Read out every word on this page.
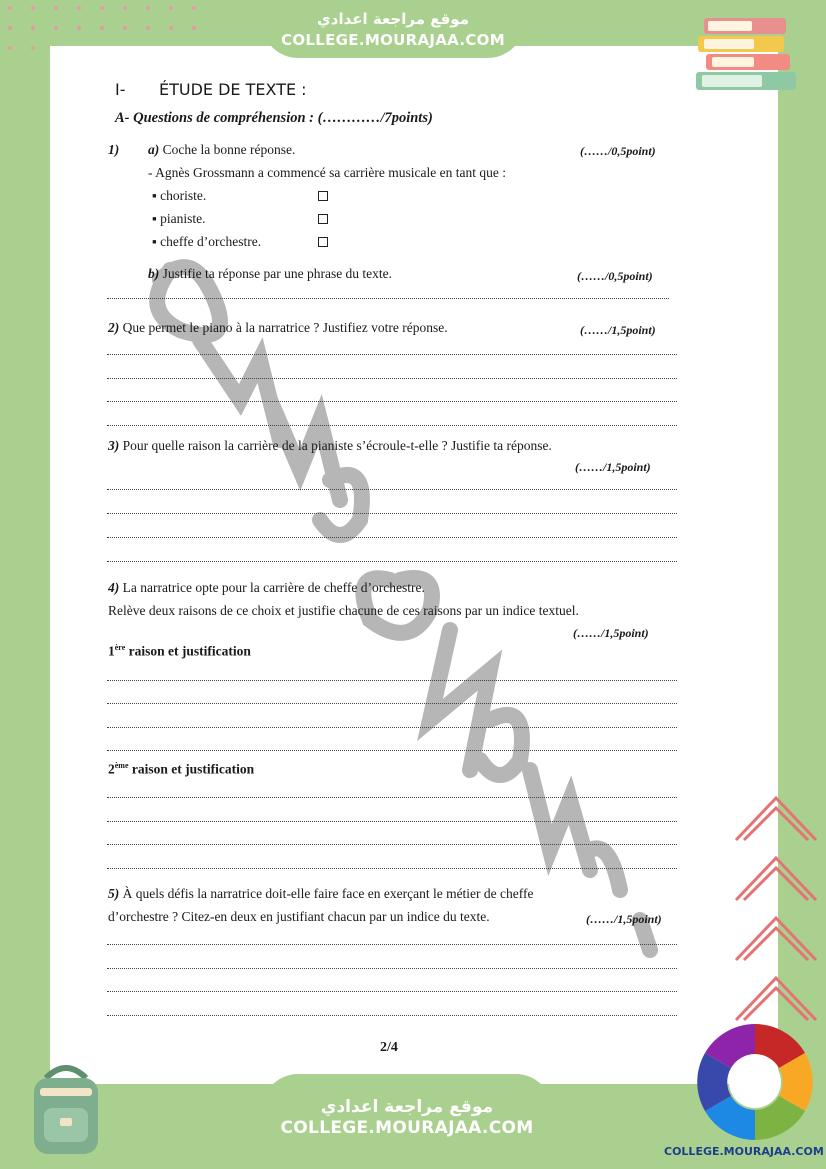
موقع مراجعة اعدادي
COLLEGE.MOURAJAA.COM
I- ÉTUDE DE TEXTE :
A- Questions de compréhension : (…………/7points)
1) a) Coche la bonne réponse.	(……/0,5point)
- Agnès Grossmann a commencé sa carrière musicale en tant que :
▪ choriste.
▪ pianiste.
▪ cheffe d’orchestre.
b) Justifie ta réponse par une phrase du texte.	(……/0,5point)
2) Que permet le piano à la narratrice ? Justifiez votre réponse.	(……/1,5point)
3) Pour quelle raison la carrière de la pianiste s’écroule-t-elle ? Justifie ta réponse.
(……/1,5point)
4) La narratrice opte pour la carrière de cheffe d’orchestre.
Relève deux raisons de ce choix et justifie chacune de ces raisons par un indice textuel.
(……/1,5point)
1ère raison et justification
2ème raison et justification
5) À quels défis la narratrice doit-elle faire face en exerçant le métier de cheffe
d’orchestre ? Citez-en deux en justifiant chacun par un indice du texte.	(……/1,5point)
2/4
COLLEGE.MOURAJAA.COM
موقع مراجعة اعدادي
COLLEGE.MOURAJAA.COM
